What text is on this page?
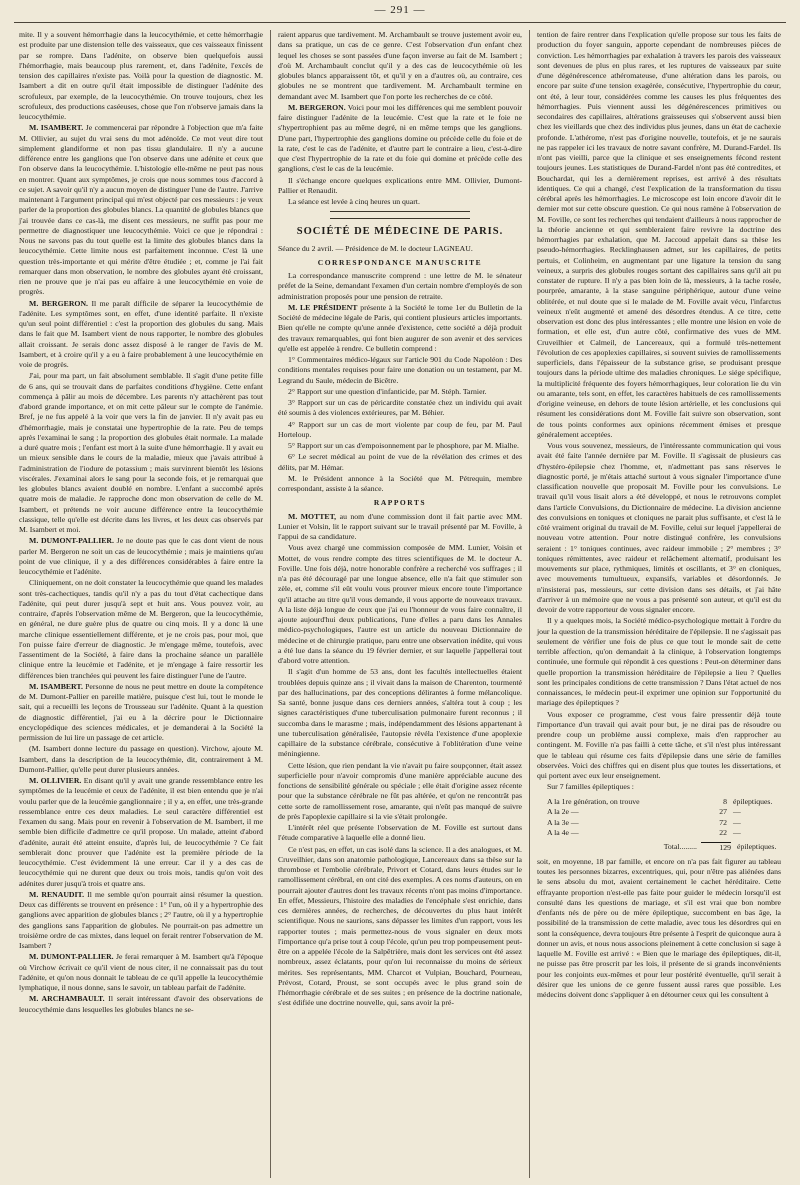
— 291 —

mite. Il y a souvent hémorrhagie dans la leucocythémie, et cette hémorrhagie est produite par une distension telle des vaisseaux, que ces vaisseaux finissent par se rompre. Dans l'adénite, on observe bien quelquefois aussi l'hémorrhagie, mais beaucoup plus rarement, et, dans l'adénite, l'excès de tension des capillaires n'existe pas. Voilà pour la question de diagnostic. M. Isambert a dit en outre qu'il était impossible de distinguer l'adénite des scrofuleux, par exemple, de la leucocythémie. On trouve toujours, chez les scrofuleux, des productions caséeuses, chose que l'on n'observe jamais dans la leucocythémie.

M. ISAMBERT. Je commencerai par répondre à l'objection que m'a faite M. Ollivier, au sujet du vrai sens du mot adénoïde. Ce mot veut dire tout simplement glandiforme et non pas tissu glandulaire. Il n'y a aucune différence entre les ganglions que l'on observe dans une adénite et ceux que l'on observe dans la leucocythémie. L'histologie elle-même ne peut pas nous en montrer. Quant aux symptômes, je crois que nous sommes tous d'accord à ce sujet. A savoir qu'il n'y a aucun moyen de distinguer l'une de l'autre. J'arrive maintenant à l'argument principal qui m'est objecté par ces messieurs : je veux parler de la proportion des globules blancs. La quantité de globules blancs que j'ai trouvée dans ce cas-là, me disent ces messieurs, ne suffit pas pour me permettre de diagnostiquer une leucocythémie. Voici ce que je répondrai : Nous ne savons pas du tout quelle est la limite des globules blancs dans la leucocythémie. Cette limite nous est parfaitement inconnue. C'est là une question très-importante et qui mérite d'être étudiée ; et, comme je l'ai fait remarquer dans mon observation, le nombre des globules ayant été croissant, rien ne prouve que je n'ai pas eu affaire à une leucocythémie en voie de progrès.

M. BERGERON. Il me paraît difficile de séparer la leucocythémie de l'adénite. Les symptômes sont, en effet, d'une identité parfaite. Il n'existe qu'un seul point différentiel : c'est la proportion des globules du sang. Mais dans le fait que M. Isambert vient de nous rapporter, le nombre des globules allait croissant. Je serais donc assez disposé à le ranger de l'avis de M. Isambert, et à croire qu'il y a eu à faire probablement à une leucocythémie en voie de progrès.

J'ai, pour ma part, un fait absolument semblable. Il s'agit d'une petite fille de 6 ans, qui se trouvait dans de parfaites conditions d'hygiène. Cette enfant commença à pâlir au mois de décembre. Les parents n'y attachèrent pas tout d'abord grande importance, et on mit cette pâleur sur le compte de l'anémie. Bref, je ne fus appelé à la voir que vers la fin de janvier. Il n'y avait pas eu d'hémorrhagie, mais je constatai une hypertrophie de la rate. Peu de temps après l'examinai le sang ; la proportion des globules était normale. La malade a duré quatre mois ; l'enfant est mort à la suite d'une hémorrhagie. Il y avait eu un mieux sensible dans le cours de la maladie, mieux que j'avais attribué à l'administration de l'iodure de potassium ; mais survinrent bientôt les lésions viscérales. J'examinai alors le sang pour la seconde fois, et je remarquai que les globules blancs avaient doublé en nombre. L'enfant a succombé après quatre mois de maladie. Je rapproche donc mon observation de celle de M. Isambert, et prétends ne voir aucune différence entre la leucocythémie classique, telle qu'elle est décrite dans les livres, et les deux cas observés par M. Isambert et moi.

M. DUMONT-PALLIER. Je ne doute pas que le cas dont vient de nous parler M. Bergeron ne soit un cas de leucocythémie ; mais je maintiens qu'au point de vue clinique, il y a des différences considérables à faire entre la leucocythémie et l'adénite.

Cliniquement, on ne doit constater la leucocythémie que quand les malades sont très-cachectiques, tandis qu'il n'y a pas du tout d'état cachectique dans l'adénite, qui peut durer jusqu'à sept et huit ans. Vous pouvez voir, au contraire, d'après l'observation même de M. Bergeron, que la leucocythémie, en général, ne dure guère plus de quatre ou cinq mois. Il y a donc là une marche clinique essentiellement différente, et je ne crois pas, pour moi, que l'on puisse faire d'erreur de diagnostic. Je m'engage même, toutefois, avec l'assentiment de la Société, à faire dans la prochaine séance un parallèle clinique entre la leucémie et l'adénite, et je m'engage à faire ressortir les différences bien tranchées qui peuvent les faire distinguer l'une de l'autre.

M. ISAMBERT. Personne de nous ne peut mettre en doute la compétence de M. Dumont-Pallier en pareille matière, puisque c'est lui, tout le monde le sait, qui a recueilli les leçons de Trousseau sur l'adénite. Quant à la question de diagnostic différentiel, j'ai eu à la décrire pour le Dictionnaire encyclopédique des sciences médicales, et je demanderai à la Société la permission de lui lire un passage de cet article.

(M. Isambert donne lecture du passage en question). Virchow, ajoute M. Isambert, dans la description de la leucocythémie, dit, contrairement à M. Dumont-Pallier, qu'elle peut durer plusieurs années.

M. OLLIVIER. En disant qu'il y avait une grande ressemblance entre les symptômes de la leucémie et ceux de l'adénite, il est bien entendu que je n'ai voulu parler que de la leucémie ganglionnaire ; il y a, en effet, une très-grande ressemblance entre ces deux maladies. Le seul caractère différentiel est l'examen du sang. Mais pour en revenir à l'observation de M. Isambert, il me semble bien difficile d'admettre ce qu'il propose. Un malade, atteint d'abord d'adénite, aurait été atteint ensuite, d'après lui, de leucocythémie ? Ce fait semblerait donc prouver que l'adénite est la première période de la leucocythémie. C'est évidemment là une erreur. Car il y a des cas de leucocythémie qui ne durent que deux ou trois mois, tandis qu'on voit des adénites durer jusqu'à trois et quatre ans.

M. RENAUDIT. Il me semble qu'on pourrait ainsi résumer la question. Deux cas différents se trouvent en présence : 1° l'un, où il y a hypertrophie des ganglions avec apparition de globules blancs ; 2° l'autre, où il y a hypertrophie des ganglions sans l'apparition de globules. Ne pourrait-on pas admettre un troisième ordre de cas mixtes, dans lequel on ferait rentrer l'observation de M. Isambert ?

M. DUMONT-PALLIER. Je ferai remarquer à M. Isambert qu'à l'époque où Virchow écrivait ce qu'il vient de nous citer, il ne connaissait pas du tout l'adénite, et qu'on nous donnait le tableau de ce qu'il appelle la leucocythémie lymphatique, il nous donne, sans le savoir, un tableau parfait de l'adénite.

M. ARCHAMBAULT. Il serait intéressant d'avoir des observations de leucocythémie dans lesquelles les globules blancs ne se-

raient apparus que tardivement. M. Archambault se trouve justement avoir eu, dans sa pratique, un cas de ce genre. C'est l'observation d'un enfant chez lequel les choses se sont passées d'une façon inverse au fait de M. Isambert ; d'où M. Archambault conclut qu'il y a des cas de leucocythémie où les globules blancs apparaissent tôt, et qu'il y en a d'autres où, au contraire, ces globules ne se montrent que tardivement. M. Archambault termine en demandant avec M. Isambert que l'on porte les recherches de ce côté.

M. BERGERON. Voici pour moi les différences qui me semblent pouvoir faire distinguer l'adénite de la leucémie. C'est que la rate et le foie ne s'hypertrophient pas au même degré, ni en même temps que les ganglions. D'une part, l'hypertrophie des ganglions domine ou précède celle du foie et de la rate, c'est le cas de l'adénite, et d'autre part le contraire a lieu, c'est-à-dire que c'est l'hypertrophie de la rate et du foie qui domine et précède celle des ganglions, c'est le cas de la leucémie.

Il s'échange encore quelques explications entre MM. Ollivier, Dumont-Pallier et Renaudit.

La séance est levée à cinq heures un quart.

SOCIÉTÉ DE MÉDECINE DE PARIS.

Séance du 2 avril. — Présidence de M. le docteur LAGNEAU.

CORRESPONDANCE MANUSCRITE

La correspondance manuscrite comprend : une lettre de M. le sénateur préfet de la Seine, demandant l'examen d'un certain nombre d'employés de son administration proposés pour une pension de retraite.

M. LE PRÉSIDENT présente à la Société le tome 1er du Bulletin de la Société de médecine légale de Paris, qui contient plusieurs articles importants. Bien qu'elle ne compte qu'une année d'existence, cette société a déjà produit des travaux remarquables, qui font bien augurer de son avenir et des services qu'elle est appelée à rendre. Ce bulletin comprend :

1° Commentaires médico-légaux sur l'article 901 du Code Napoléon : Des conditions mentales requises pour faire une donation ou un testament, par M. Legrand du Saule, médecin de Bicêtre.

2° Rapport sur une question d'infanticide, par M. Stéph. Tarnier.

3° Rapport sur un cas de péricardite constatée chez un individu qui avait été soumis à des violences extérieures, par M. Béhier.

4° Rapport sur un cas de mort violente par coup de feu, par M. Paul Horteloup.

5° Rapport sur un cas d'empoisonnement par le phosphore, par M. Mialhe.

6° Le secret médical au point de vue de la révélation des crimes et des délits, par M. Hémar.

M. le Président annonce à la Société que M. Pétrequin, membre correspondant, assiste à la séance.

RAPPORTS

M. MOTTET, au nom d'une commission dont il fait partie avec MM. Lunier et Volsin, lit le rapport suivant sur le travail présenté par M. Foville, à l'appui de sa candidature.

Vous avez chargé une commission composée de MM. Lunier, Voisin et Mottet, de vous rendre compte des titres scientifiques de M. le docteur A. Foville. Une fois déjà, notre honorable confrère a recherché vos suffrages ; il n'a pas été découragé par une longue absence, elle n'a fait que stimuler son zèle, et, comme s'il eût voulu vous prouver mieux encore toute l'importance qu'il attache au titre qu'il vous demande, il vous apporte de nouveaux travaux. A la liste déjà longue de ceux que j'ai eu l'honneur de vous faire connaître, il ajoute aujourd'hui deux publications, l'une d'elles a paru dans les Annales médico-psychologiques, l'autre est un article du nouveau Dictionnaire de médecine et de chirurgie pratique, paru entre une observation inédite, qui vous a été lue dans la séance du 19 février dernier, et sur laquelle j'appellerai tout d'abord votre attention.

Il s'agit d'un homme de 53 ans, dont les facultés intellectuelles étaient troublées depuis quinze ans ; il vivait dans la maison de Charenton, tourmenté par des hallucinations, par des conceptions délirantes à forme mélancolique. Sa santé, bonne jusque dans ces derniers années, s'altéra tout à coup ; les signes caractéristiques d'une tuberculisation pulmonaire furent reconnus ; il succomba dans le marasme ; mais, indépendamment des lésions appartenant à une tuberculisation généralisée, l'autopsie révéla l'existence d'une apoplexie capillaire de la substance cérébrale, consécutive à l'oblitération d'une veine méningienne.

Cette lésion, que rien pendant la vie n'avait pu faire soupçonner, était assez superficielle pour n'avoir compromis d'une manière appréciable aucune des fonctions de sensibilité générale ou spéciale ; elle était d'origine assez récente pour que la substance cérébrale ne fût pas altérée, et qu'on ne rencontrât pas cette sorte de ramollissement rose, amarante, qui n'eût pas manqué de suivre de près l'apoplexie capillaire si la vie s'était prolongée.

L'intérêt réel que présente l'observation de M. Foville est surtout dans l'étude comparative à laquelle elle a donné lieu.

Ce n'est pas, en effet, un cas isolé dans la science. Il a des analogues, et M. Cruveilhier, dans son anatomie pathologique, Lancereaux dans sa thèse sur la thrombose et l'embolie cérébrale, Privort et Cotard, dans leurs études sur le ramollissement cérébral, en ont cité des exemples. A ces noms d'auteurs, on en pourrait ajouter d'autres dont les travaux récents n'ont pas moins d'importance. En effet, Messieurs, l'histoire des maladies de l'encéphale s'est enrichie, dans ces dernières années, de recherches, de découvertes du plus haut intérêt scientifique. Nous ne saurions, sans dépasser les limites d'un rapport, vous les rapporter toutes ; mais permettez-nous de vous signaler en deux mots l'importance qu'a prise tout à coup l'école, qu'un peu trop pompeusement peut-être on a appelée l'école de la Salpêtrière, mais dont les services ont été assez nombreux, assez éclatants, pour qu'on lui reconnaisse du moins de sérieux mérites. Ses représentants, MM. Charcot et Vulpian, Bouchard, Pourneau, Prévost, Cotard, Proust, se sont occupés avec le plus grand soin de l'hémorrhagie cérébrale et de ses suites ; en présence de la doctrine nationale, s'est édifiée une doctrine nouvelle, qui, sans avoir la pré-

tention de faire rentrer dans l'explication qu'elle propose sur tous les faits de production du foyer sanguin, apporte cependant de nombreuses pièces de conviction. Les hémorrhagies par exhalation à travers les parois des vaisseaux sont devenues de plus en plus rares, et les ruptures de vaisseaux par suite d'une dégénérescence athéromateuse, d'une altération dans les parois, ou encore par suite d'une tension exagérée, consécutive, l'hypertrophie du cœur, ont été, à leur tour, considérées comme les causes les plus fréquentes des hémorrhagies. Puis viennent aussi les dégénérescences primitives ou secondaires des capillaires, altérations graisseuses qui s'observent aussi bien chez les vieillards que chez des individus plus jeunes, dans un état de cachexie profonde. L'athérome, n'est pas d'origine nouvelle, toutefois, et je ne saurais ne pas rappeler ici les travaux de notre savant confrère, M. Durand-Fardel. Ils n'ont pas vieilli, parce que la clinique et ses enseignements fécond restent toujours jeunes. Les statistiques de Durand-Fardel n'ont pas été contredites, et Bouchardat, qui les a dernièrement reprises, est arrivé à des résultats identiques. Ce qui a changé, c'est l'explication de la transformation du tissu cérébral après les hémorrhagies. Le microscope est loin encore d'avoir dit le dernier mot sur cette obscure question. Ce qui nous ramène à l'observation de M. Foville, ce sont les recherches qui tendaient d'ailleurs à nous rapprocher de la théorie ancienne et qui sembleraient faire revivre la doctrine des hémorrhagies par exhalation, que M. Jaccoud appelait dans sa thèse les pseudo-hémorrhagies. Recklinghausen admet, sur les capillaires, de petits pertuis, et Colinheim, en augmentant par une ligature la tension du sang veineux, a surpris des globules rouges sortant des capillaires sans qu'il ait pu constater de rupture. Il n'y a pas bien loin de là, messieurs, à la tache rosée, pourprée, amarante, à la stase sanguine périphérique, autour d'une veine oblitérée, et nul doute que si le malade de M. Foville avait vécu, l'infarctus veineux n'eût augmenté et amené des désordres étendus. A ce titre, cette observation est donc des plus intéressantes ; elle montre une lésion en voie de formation, et elle est, d'un autre côté, confirmative des vues de MM. Cruveilhier et Calmeil, de Lancereaux, qui a formulé très-nettement l'évolution de ces apoplexies capillaires, si souvent suivies de ramollissements superficiels, dans l'épaisseur de la substance grise, se produisant presque toujours dans la période ultime des maladies chroniques. Le siége spécifique, la multiplicité fréquente des foyers hémorrhagiques, leur coloration lie du vin ou amarante, tels sont, en effet, les caractères habituels de ces ramollissements d'origine veineuse, en dehors de toute lésion artérielle, et les conclusions qui résument les considérations dont M. Foville fait suivre son observation, sont de tous points conformes aux opinions récemment émises et presque généralement acceptées.

Vous vous souvenez, messieurs, de l'intéressante communication qui vous avait été faite l'année dernière par M. Foville. Il s'agissait de plusieurs cas d'hystéro-épilepsie chez l'homme, et, n'admettant pas sans réserves le diagnostic porté, je m'étais attaché surtout à vous signaler l'importance d'une classification nouvelle que proposait M. Foville pour les convulsions. Le travail qu'il vous lisait alors a été développé, et nous le retrouvons complet dans l'article Convulsions, du Dictionnaire de médecine. La division ancienne des convulsions en toniques et cloniques ne parait plus suffisante, et c'est là le côté vraiment original du travail de M. Foville, celui sur lequel j'appellerai de nouveau votre attention. Pour notre distingué confrère, les convulsions seraient : 1° toniques continues, avec raideur immobile ; 2° membres ; 3° toniques rémittentes, avec raideur et relâchement alternatif, produisant les mouvements sur place, rythmiques, limités et oscillants, et 3° en cloniques, avec mouvements tumultueux, expansifs, variables et désordonnés. Je n'insisterai pas, messieurs, sur cette division dans ses détails, et j'ai hâte d'arriver à un mémoire que ne vous a pas présenté son auteur, et qu'il est du devoir de votre rapporteur de vous signaler encore.

Il y a quelques mois, la Société médico-psychologique mettait à l'ordre du jour la question de la transmission héréditaire de l'épilepsie. Il ne s'agissait pas seulement de vérifier une fois de plus ce que tout le monde sait de cette terrible affection, qu'on demandait à la clinique, à l'observation longtemps continuée, une formule qui répondit à ces questions : Peut-on déterminer dans quelle proportion la transmission héréditaire de l'épilepsie a lieu ? Quelles sont les principales conditions de cette transmission ? Dans l'état actuel de nos connaissances, le médecin peut-il exprimer une opinion sur l'opportunité du mariage des épileptiques ?

Vous exposer ce programme, c'est vous faire pressentir déjà toute l'importance d'un travail qui avait pour but, je ne dirai pas de résoudre ou prendre coup un problème aussi complexe, mais d'en rapprocher au contingent. M. Foville n'a pas failli à cette tâche, et s'il n'est plus intéressant que le tableau qui résume ces faits d'épilepsie dans une série de familles observées. Voici des chiffres qui en disent plus que toutes les dissertations, et qui portent avec eux leur enseignement.

Sur 7 familles épileptiques :

A la 1re génération, on trouve	8 épileptiques.
A la 2e —	27 —
A la 3e —	72 —
A la 4e —	22 —
Total.........	129 épileptiques.

soit, en moyenne, 18 par famille, et encore on n'a pas fait figurer au tableau toutes les personnes bizarres, excentriques, qui, pour n'être pas aliénées dans le sens absolu du mot, avaient certainement le cachet héréditaire. Cette effrayante proportion n'est-elle pas faite pour guider le médecin lorsqu'il est consulté dans les questions de mariage, et s'il est vrai que bon nombre d'enfants nés de père ou de mère épileptique, succombent en bas âge, la possibilité de la transmission de cette maladie, avec tous les désordres qui en sont la conséquence, devra toujours être présente à l'esprit de quiconque aura à donner un avis, et nous nous associons pleinement à cette conclusion si sage à laquelle M. Foville est arrivé : « Bien que le mariage des épileptiques, dit-il, ne puisse pas être proscrit par les lois, il présente de si grands inconvénients pour les conjoints eux-mêmes et pour leur postérité éventuelle, qu'il serait à désirer que les unions de ce genre fussent aussi rares que possible. Les médecins doivent donc s'appliquer à en détourner ceux qui les consultent à
